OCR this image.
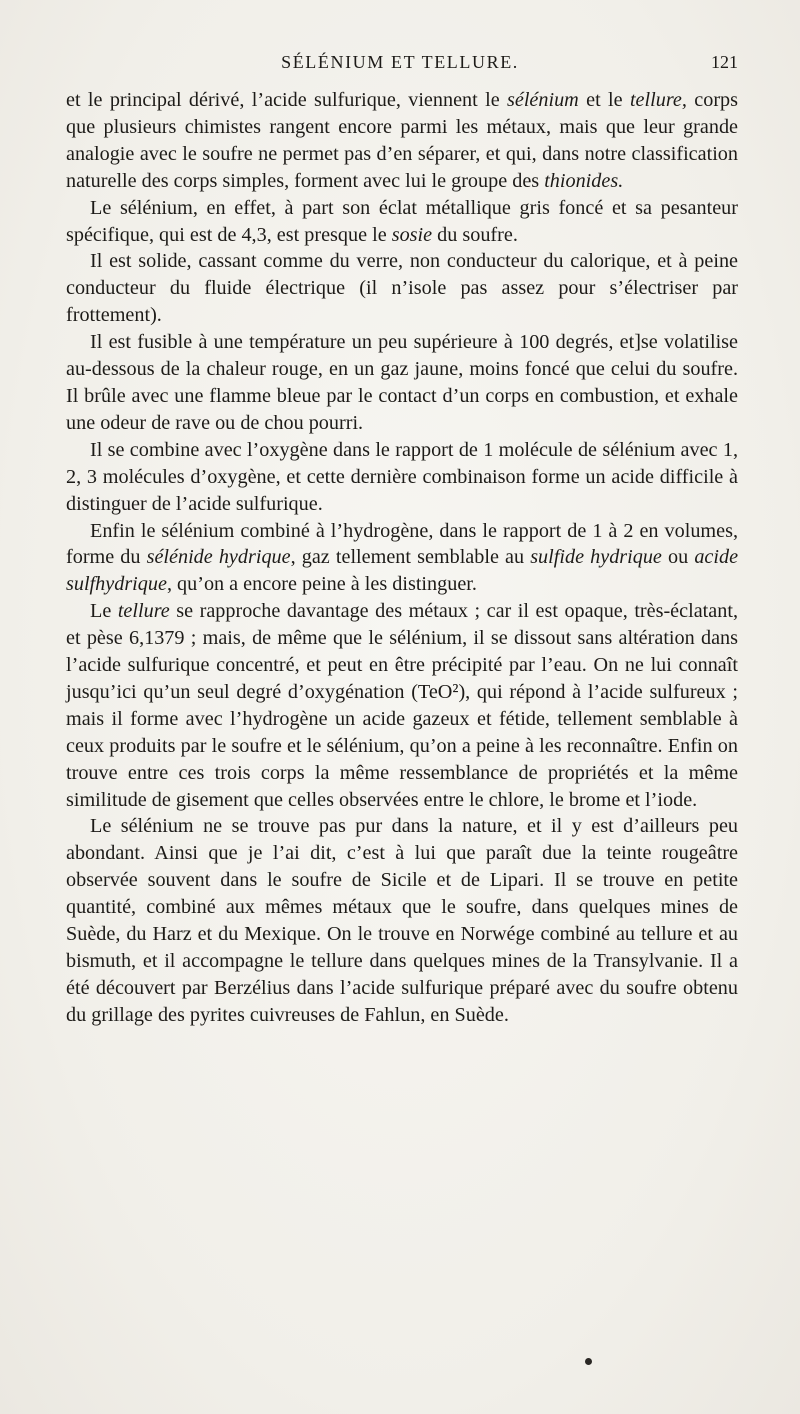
SÉLÉNIUM ET TELLURE.	121

et le principal dérivé, l’acide sulfurique, viennent le sélénium et le tellure, corps que plusieurs chimistes rangent encore parmi les métaux, mais que leur grande analogie avec le soufre ne permet pas d’en séparer, et qui, dans notre classification naturelle des corps simples, forment avec lui le groupe des thionides.

Le sélénium, en effet, à part son éclat métallique gris foncé et sa pesanteur spécifique, qui est de 4,3, est presque le sosie du soufre.

Il est solide, cassant comme du verre, non conducteur du calorique, et à peine conducteur du fluide électrique (il n’isole pas assez pour s’électriser par frottement).

Il est fusible à une température un peu supérieure à 100 degrés, et]se volatilise au-dessous de la chaleur rouge, en un gaz jaune, moins foncé que celui du soufre. Il brûle avec une flamme bleue par le contact d’un corps en combustion, et exhale une odeur de rave ou de chou pourri.

Il se combine avec l’oxygène dans le rapport de 1 molécule de sélénium avec 1, 2, 3 molécules d’oxygène, et cette dernière combinaison forme un acide difficile à distinguer de l’acide sulfurique.

Enfin le sélénium combiné à l’hydrogène, dans le rapport de 1 à 2 en volumes, forme du sélénide hydrique, gaz tellement semblable au sulfide hydrique ou acide sulfhydrique, qu’on a encore peine à les distinguer.

Le tellure se rapproche davantage des métaux ; car il est opaque, très-éclatant, et pèse 6,1379 ; mais, de même que le sélénium, il se dissout sans altération dans l’acide sulfurique concentré, et peut en être précipité par l’eau. On ne lui connaît jusqu’ici qu’un seul degré d’oxygénation (TeO²), qui répond à l’acide sulfureux ; mais il forme avec l’hydrogène un acide gazeux et fétide, tellement semblable à ceux produits par le soufre et le sélénium, qu’on a peine à les reconnaître. Enfin on trouve entre ces trois corps la même ressemblance de propriétés et la même similitude de gisement que celles observées entre le chlore, le brome et l’iode.

Le sélénium ne se trouve pas pur dans la nature, et il y est d’ailleurs peu abondant. Ainsi que je l’ai dit, c’est à lui que paraît due la teinte rougeâtre observée souvent dans le soufre de Sicile et de Lipari. Il se trouve en petite quantité, combiné aux mêmes métaux que le soufre, dans quelques mines de Suède, du Harz et du Mexique. On le trouve en Norwége combiné au tellure et au bismuth, et il accompagne le tellure dans quelques mines de la Transylvanie. Il a été découvert par Berzélius dans l’acide sulfurique préparé avec du soufre obtenu du grillage des pyrites cuivreuses de Fahlun, en Suède.
